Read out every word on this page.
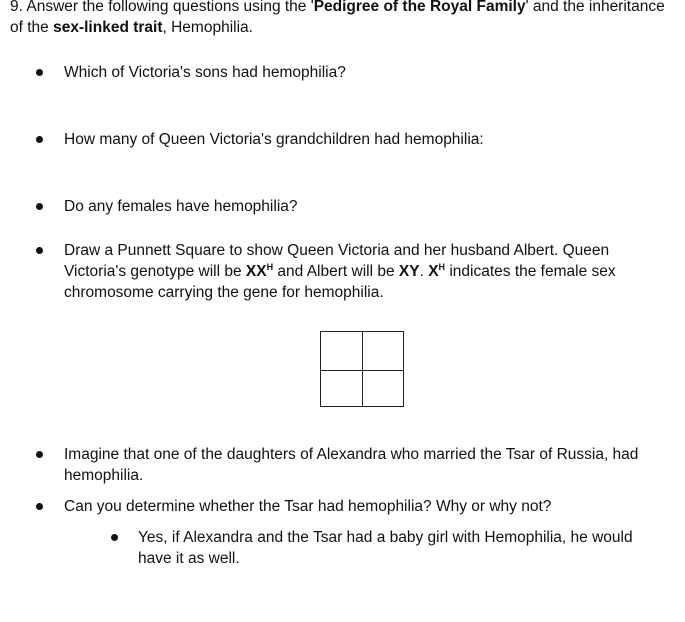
9. Answer the following questions using the 'Pedigree of the Royal Family' and the inheritance of the sex-linked trait, Hemophilia.
Which of Victoria's sons had hemophilia?
How many of Queen Victoria's grandchildren had hemophilia:
Do any females have hemophilia?
Draw a Punnett Square to show Queen Victoria and her husband Albert. Queen Victoria's genotype will be $XX^H$ and Albert will be XY. $X^H$ indicates the female sex chromosome carrying the gene for hemophilia.
Imagine that one of the daughters of Alexandra who married the Tsar of Russia, had hemophilia.
Can you determine whether the Tsar had hemophilia? Why or why not?
Yes, if Alexandra and the Tsar had a baby girl with Hemophilia, he would have it as well.
